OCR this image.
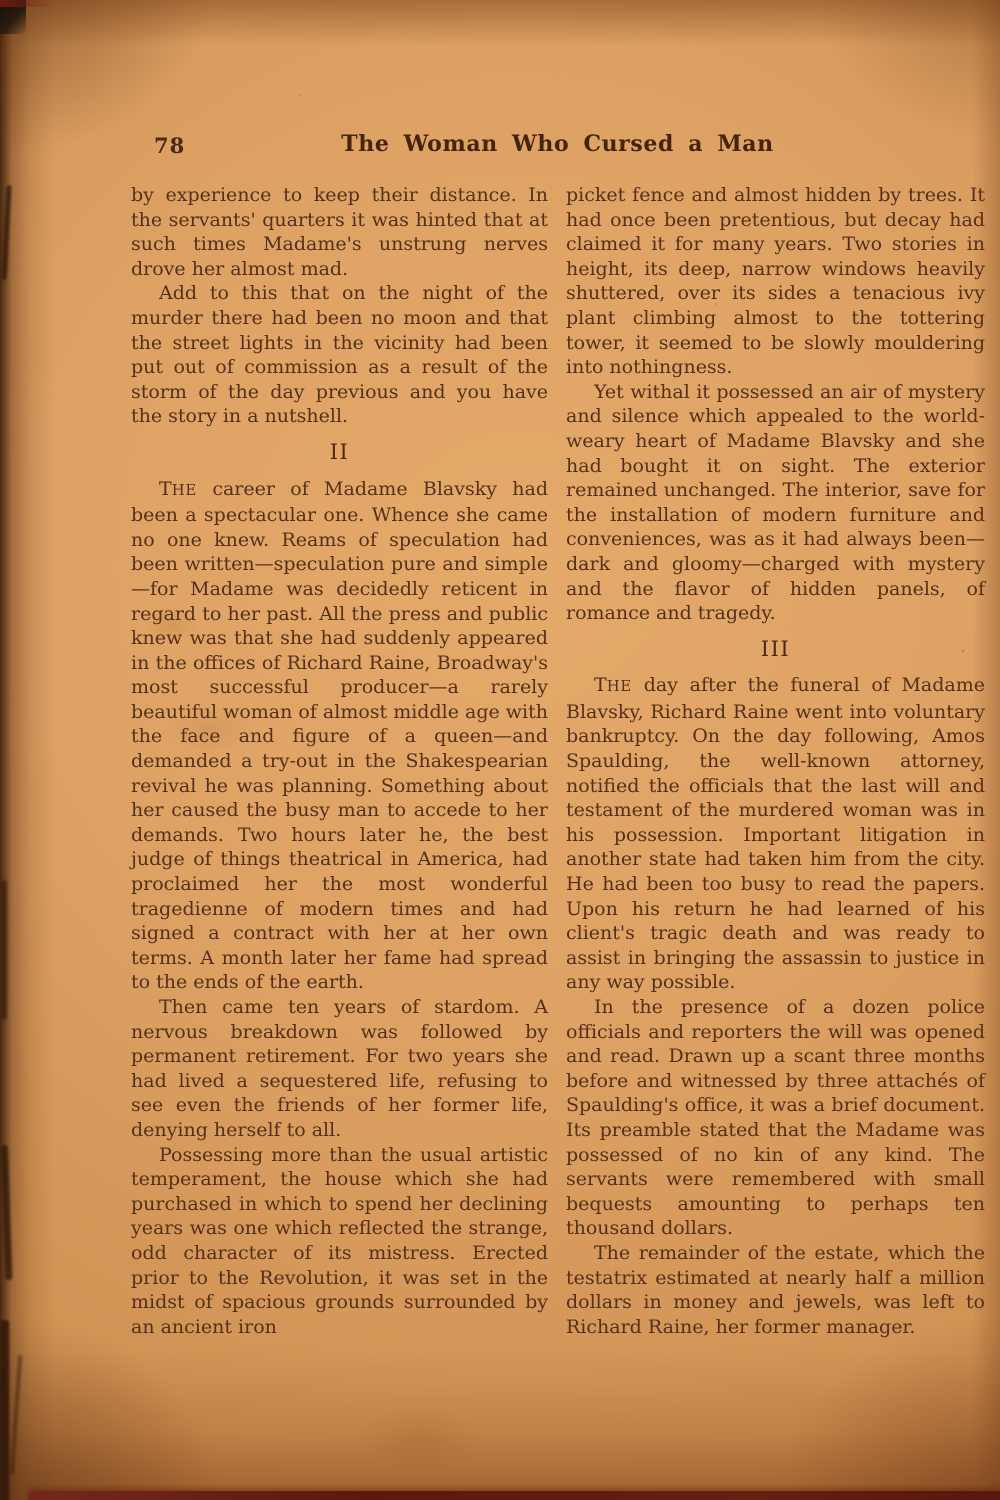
78	The Woman Who Cursed a Man

by experience to keep their distance. In the servants' quarters it was hinted that at such times Madame's unstrung nerves drove her almost mad.

Add to this that on the night of the murder there had been no moon and that the street lights in the vicinity had been put out of commission as a result of the storm of the day previous and you have the story in a nutshell.

II

THE career of Madame Blavsky had been a spectacular one. Whence she came no one knew. Reams of speculation had been written—speculation pure and simple—for Madame was decidedly reticent in regard to her past. All the press and public knew was that she had suddenly appeared in the offices of Richard Raine, Broadway's most successful producer—a rarely beautiful woman of almost middle age with the face and figure of a queen—and demanded a try-out in the Shakespearian revival he was planning. Something about her caused the busy man to accede to her demands. Two hours later he, the best judge of things theatrical in America, had proclaimed her the most wonderful tragedienne of modern times and had signed a contract with her at her own terms. A month later her fame had spread to the ends of the earth.

Then came ten years of stardom. A nervous breakdown was followed by permanent retirement. For two years she had lived a sequestered life, refusing to see even the friends of her former life, denying herself to all.

Possessing more than the usual artistic temperament, the house which she had purchased in which to spend her declining years was one which reflected the strange, odd character of its mistress. Erected prior to the Revolution, it was set in the midst of spacious grounds surrounded by an ancient iron

picket fence and almost hidden by trees. It had once been pretentious, but decay had claimed it for many years. Two stories in height, its deep, narrow windows heavily shuttered, over its sides a tenacious ivy plant climbing almost to the tottering tower, it seemed to be slowly mouldering into nothingness.

Yet withal it possessed an air of mystery and silence which appealed to the world-weary heart of Madame Blavsky and she had bought it on sight. The exterior remained unchanged. The interior, save for the installation of modern furniture and conveniences, was as it had always been—dark and gloomy—charged with mystery and the flavor of hidden panels, of romance and tragedy.

III

THE day after the funeral of Madame Blavsky, Richard Raine went into voluntary bankruptcy. On the day following, Amos Spaulding, the well-known attorney, notified the officials that the last will and testament of the murdered woman was in his possession. Important litigation in another state had taken him from the city. He had been too busy to read the papers. Upon his return he had learned of his client's tragic death and was ready to assist in bringing the assassin to justice in any way possible.

In the presence of a dozen police officials and reporters the will was opened and read. Drawn up a scant three months before and witnessed by three attachés of Spaulding's office, it was a brief document. Its preamble stated that the Madame was possessed of no kin of any kind. The servants were remembered with small bequests amounting to perhaps ten thousand dollars.

The remainder of the estate, which the testatrix estimated at nearly half a million dollars in money and jewels, was left to Richard Raine, her former manager.
